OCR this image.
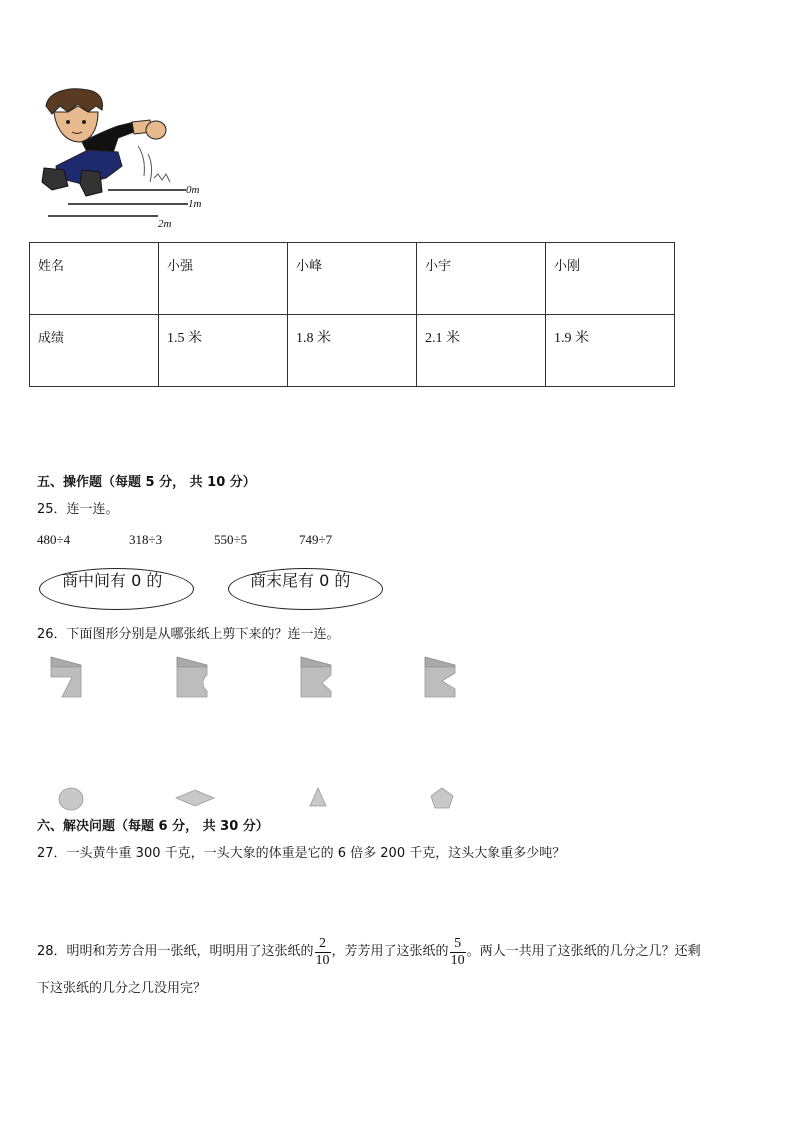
0m
1m
2m
姓名	小强	小峰	小宇	小刚
成绩	1.5 米	1.8 米	2.1 米	1.9 米
五、操作题（每题 5 分， 共 10 分）
25．连一连。
480÷4	318÷3	550÷5	749÷7
商中间有 0 的	商末尾有 0 的
26．下面图形分别是从哪张纸上剪下来的？连一连。
六、解决问题（每题 6 分， 共 30 分）
27．一头黄牛重 300 千克，一头大象的体重是它的 6 倍多 200 千克，这头大象重多少吨？
28．明明和芳芳合用一张纸，明明用了这张纸的 $\frac{2}{10}$ ，芳芳用了这张纸的 $\frac{5}{10}$ 。两人一共用了这张纸的几分之几？还剩
下这张纸的几分之几没用完？
